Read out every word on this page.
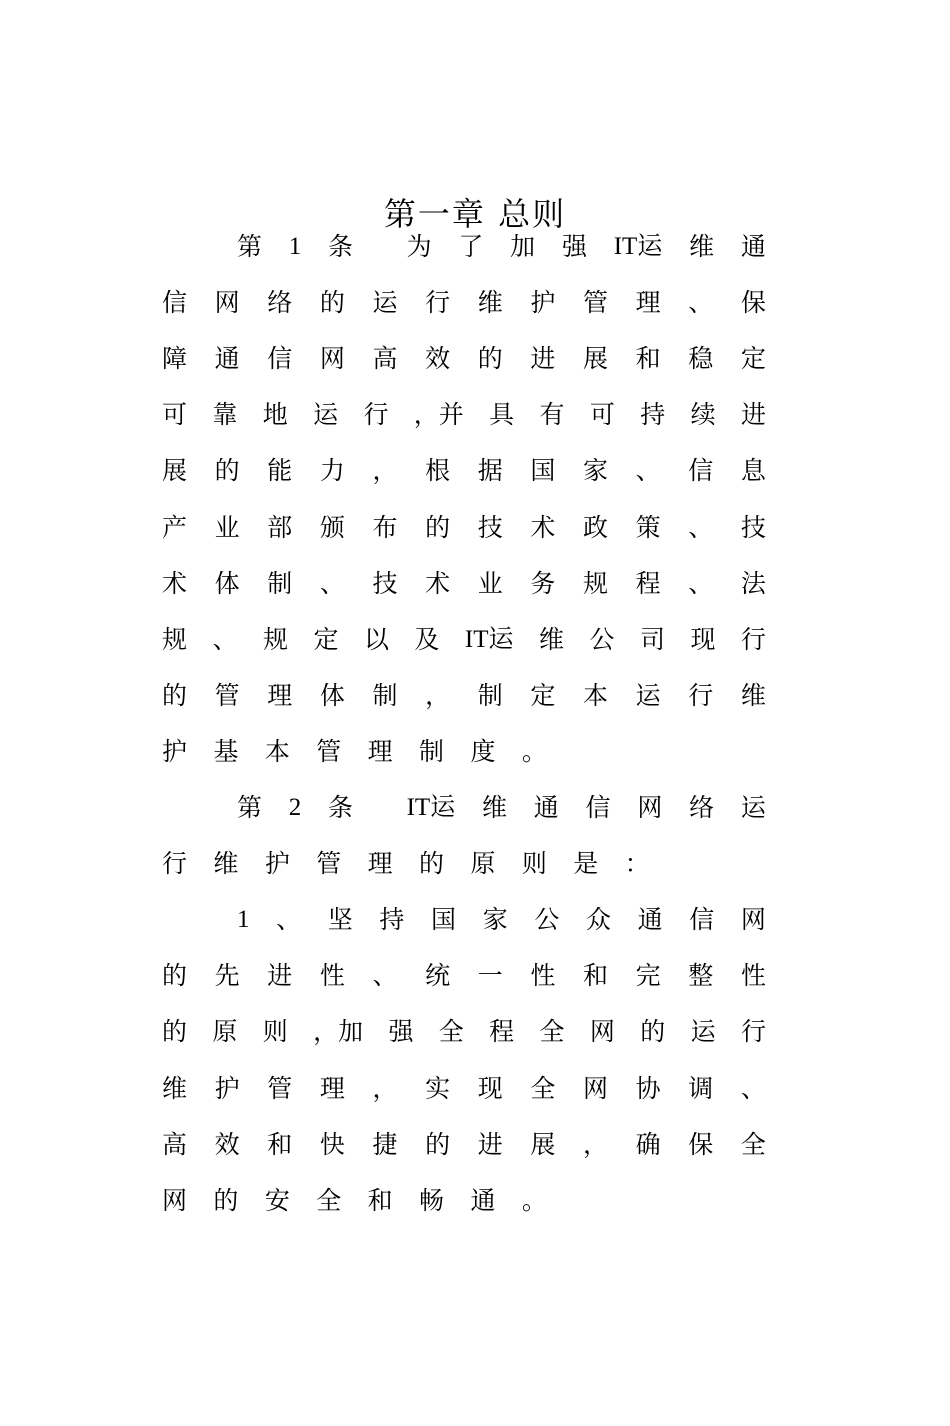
第一章 总则
第 1 条 为 了 加 强 IT运 维 通
信 网 络 的 运 行 维 护 管 理 、 保
障 通 信 网 高 效 的 进 展 和 稳 定
可 靠 地 运 行 ，并 具 有 可 持 续 进
展 的 能 力 ， 根 据 国 家 、 信 息
产 业 部 颁 布 的 技 术 政 策 、 技
术 体 制 、 技 术 业 务 规 程 、 法
规 、 规 定 以 及 IT运 维 公 司 现 行
的 管 理 体 制 ， 制 定 本 运 行 维
护 基 本 管 理 制 度 。
第 2 条 IT运 维 通 信 网 络 运
行 维 护 管 理 的 原 则 是 ：
1 、 坚 持 国 家 公 众 通 信 网
的 先 进 性 、 统 一 性 和 完 整 性
的 原 则 ，加 强 全 程 全 网 的 运 行
维 护 管 理 ， 实 现 全 网 协 调 、
高 效 和 快 捷 的 进 展 ， 确 保 全
网 的 安 全 和 畅 通 。
